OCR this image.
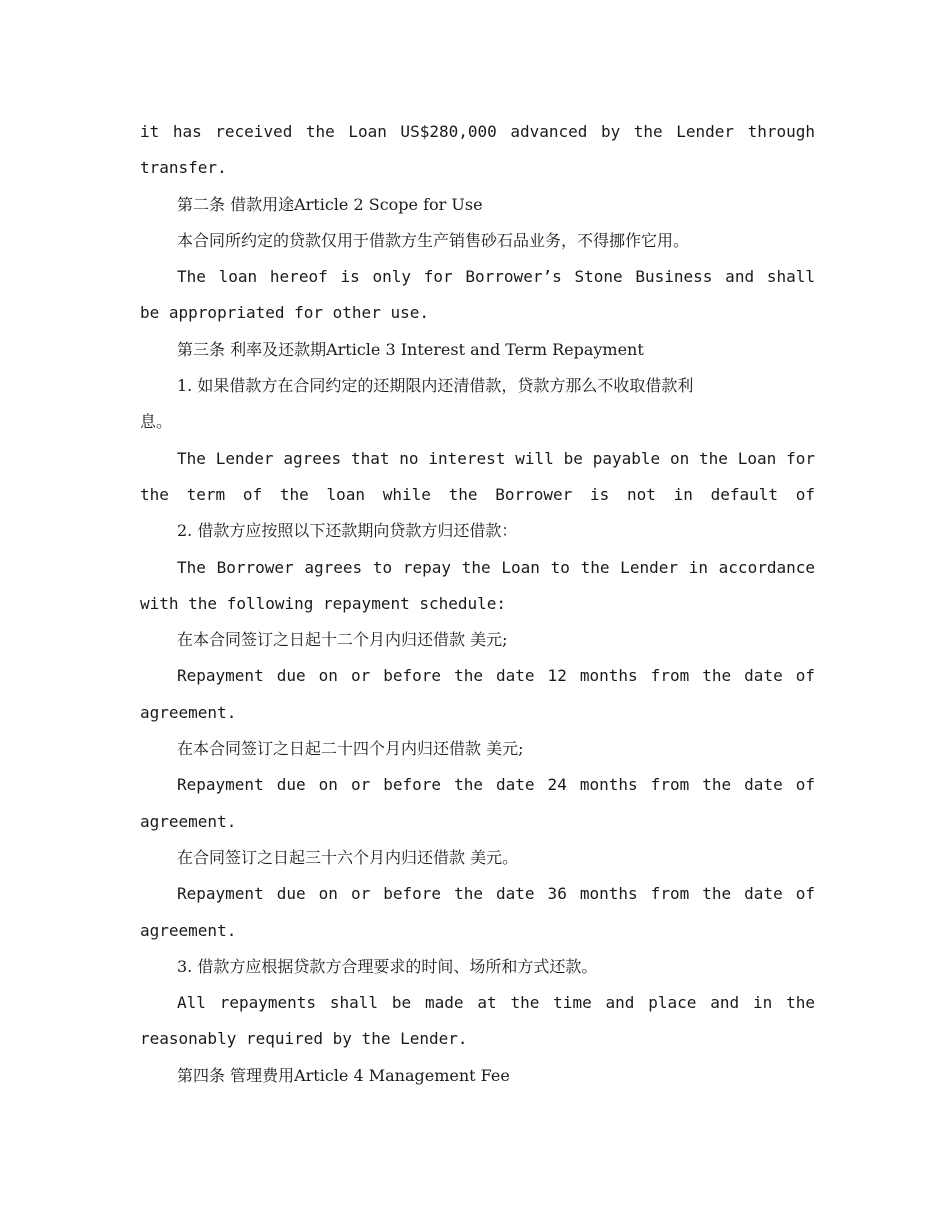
it has received the Loan US$280,000 advanced by the Lender through
transfer.
第二条 借款用途Article 2 Scope for Use
本合同所约定的贷款仅用于借款方生产销售砂石品业务，不得挪作它用。
The loan hereof is only for Borrower’s Stone Business and shall
be appropriated for other use.
第三条 利率及还款期Article 3 Interest and Term Repayment
1. 如果借款方在合同约定的还期限内还清借款，贷款方那么不收取借款利
息。
The Lender agrees that no interest will be payable on the Loan for
the term of the loan while the Borrower is not in default of
2. 借款方应按照以下还款期向贷款方归还借款：
The Borrower agrees to repay the Loan to the Lender in accordance
with the following repayment schedule:
在本合同签订之日起十二个月内归还借款 美元;
Repayment due on or before the date 12 months from the date of
agreement.
在本合同签订之日起二十四个月内归还借款 美元;
Repayment due on or before the date 24 months from the date of
agreement.
在合同签订之日起三十六个月内归还借款 美元。
Repayment due on or before the date 36 months from the date of
agreement.
3. 借款方应根据贷款方合理要求的时间、场所和方式还款。
All repayments shall be made at the time and place and in the
reasonably required by the Lender.
第四条 管理费用Article 4 Management Fee
